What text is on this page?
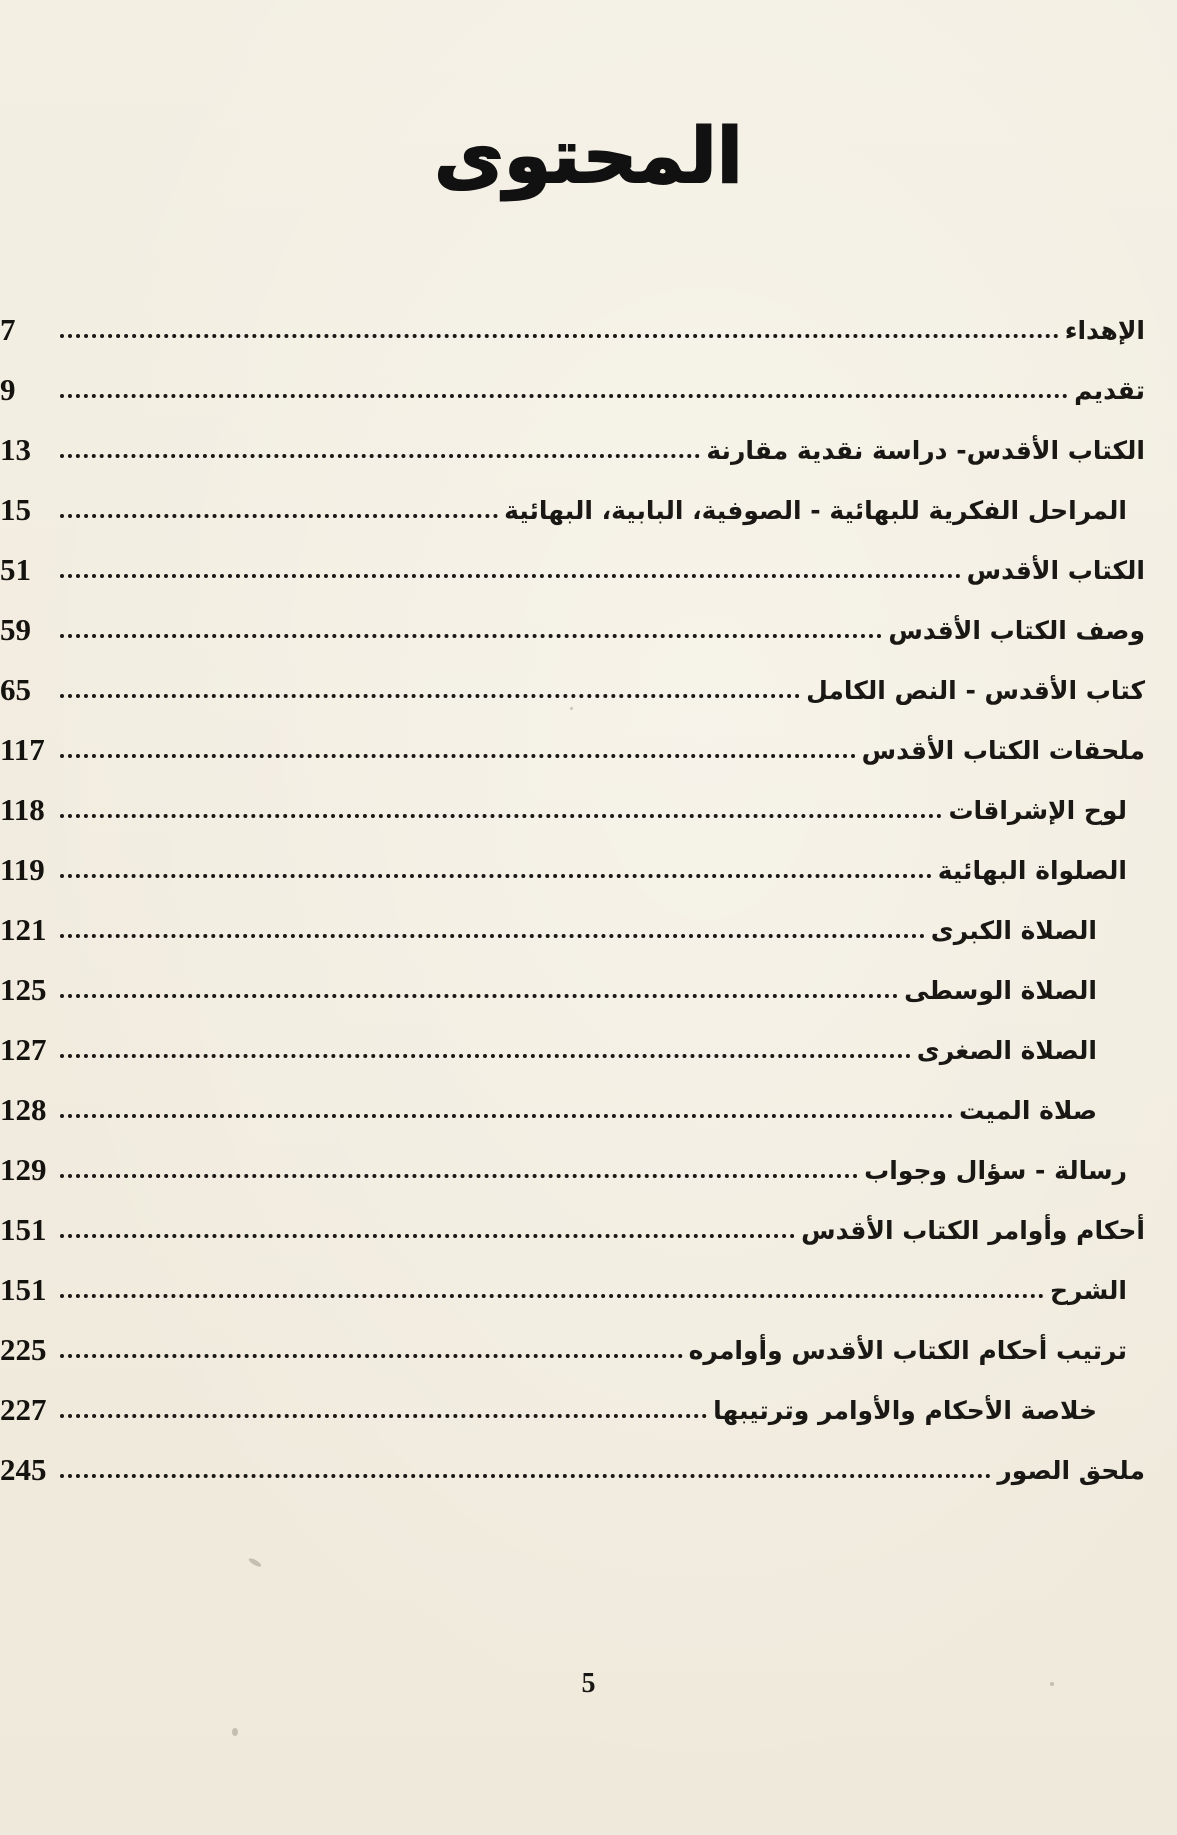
المحتوى
الإهداء
7
تقديم
9
الكتاب الأقدس- دراسة نقدية مقارنة
13
المراحل الفكرية للبهائية - الصوفية، البابية، البهائية
15
الكتاب الأقدس
51
وصف الكتاب الأقدس
59
كتاب الأقدس - النص الكامل
65
ملحقات الكتاب الأقدس
117
لوح الإشراقات
118
الصلواة البهائية
119
الصلاة الكبرى
121
الصلاة الوسطى
125
الصلاة الصغرى
127
صلاة الميت
128
رسالة - سؤال وجواب
129
أحكام وأوامر الكتاب الأقدس
151
الشرح
151
ترتيب أحكام الكتاب الأقدس وأوامره
225
خلاصة الأحكام والأوامر وترتيبها
227
ملحق الصور
245
5
